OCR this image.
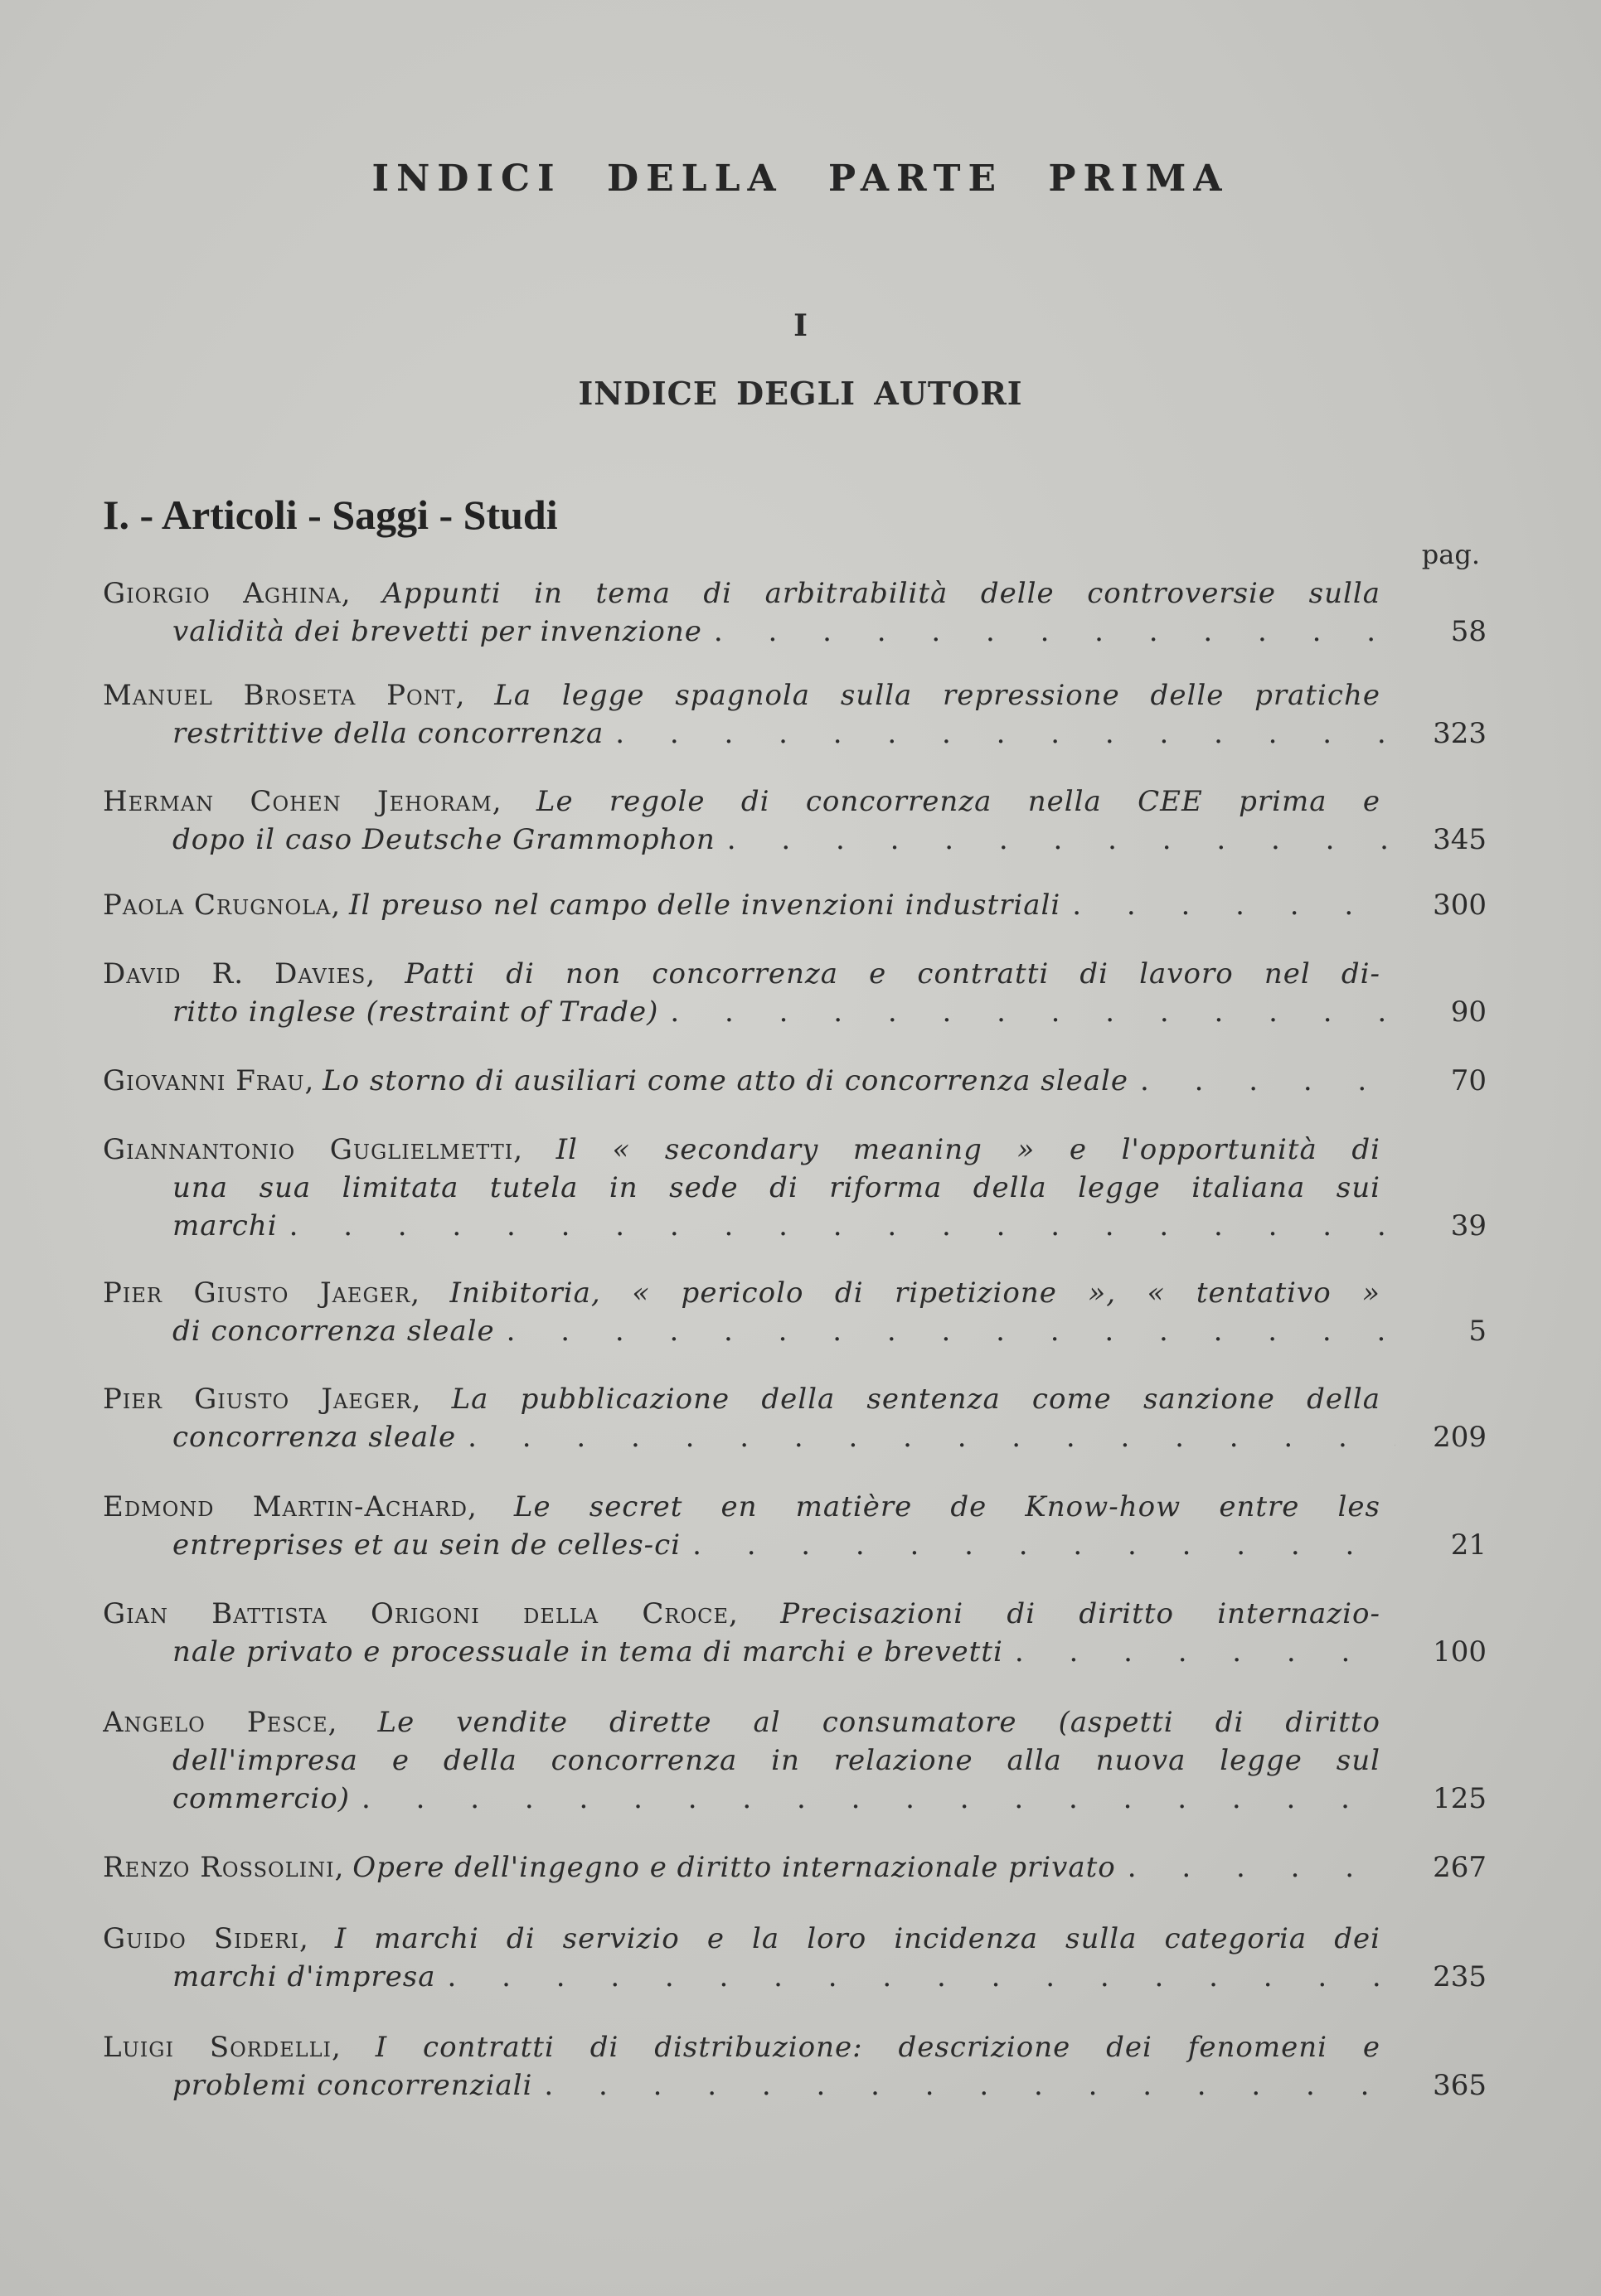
INDICI DELLA PARTE PRIMA
I
INDICE DEGLI AUTORI
I. - Articoli - Saggi - Studi
pag.
Giorgio Aghina, Appunti in tema di arbitrabilità delle controversie sulla
validità dei brevetti per invenzione . . .	58
Manuel Broseta Pont, La legge spagnola sulla repressione delle pratiche
restrittive della concorrenza . . .	323
Herman Cohen Jehoram, Le regole di concorrenza nella CEE prima e
dopo il caso Deutsche Grammophon . . .	345
Paola Crugnola, Il preuso nel campo delle invenzioni industriali . . .	300
David R. Davies, Patti di non concorrenza e contratti di lavoro nel di-
ritto inglese (restraint of Trade) . . .	90
Giovanni Frau, Lo storno di ausiliari come atto di concorrenza sleale . . .	70
Giannantonio Guglielmetti, Il « secondary meaning » e l'opportunità di
una sua limitata tutela in sede di riforma della legge italiana sui
marchi . . .	39
Pier Giusto Jaeger, Inibitoria, « pericolo di ripetizione », « tentativo »
di concorrenza sleale . . .	5
Pier Giusto Jaeger, La pubblicazione della sentenza come sanzione della
concorrenza sleale . . .	209
Edmond Martin-Achard, Le secret en matière de Know-how entre les
entreprises et au sein de celles-ci . . .	21
Gian Battista Origoni della Croce, Precisazioni di diritto internazio-
nale privato e processuale in tema di marchi e brevetti . . .	100
Angelo Pesce, Le vendite dirette al consumatore (aspetti di diritto
dell'impresa e della concorrenza in relazione alla nuova legge sul
commercio) . . .	125
Renzo Rossolini, Opere dell'ingegno e diritto internazionale privato . . .	267
Guido Sideri, I marchi di servizio e la loro incidenza sulla categoria dei
marchi d'impresa . . .	235
Luigi Sordelli, I contratti di distribuzione: descrizione dei fenomeni e
problemi concorrenziali . . .	365
